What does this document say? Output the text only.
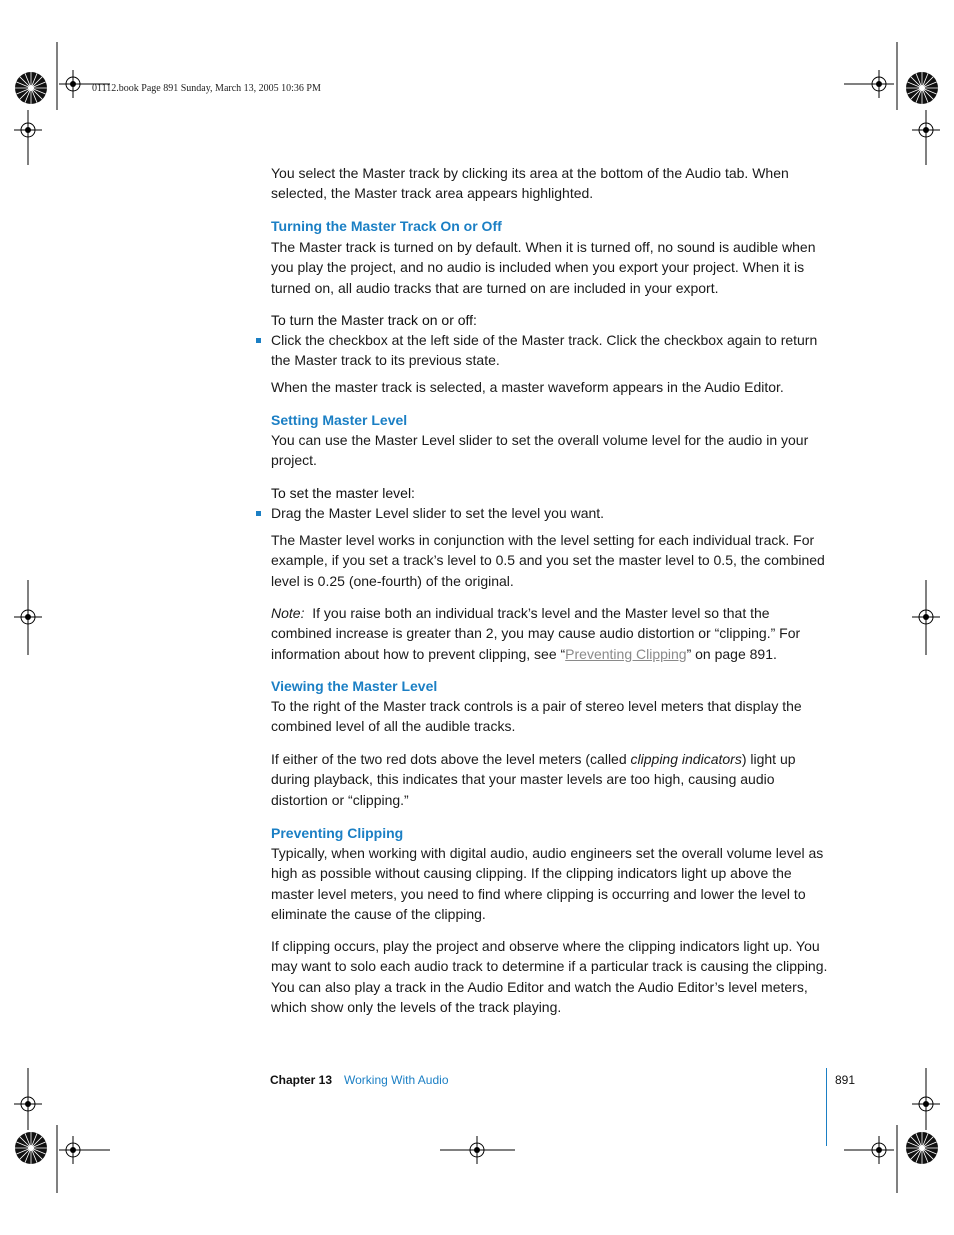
01112.book Page 891 Sunday, March 13, 2005 10:36 PM

You select the Master track by clicking its area at the bottom of the Audio tab. When selected, the Master track area appears highlighted.

Turning the Master Track On or Off

The Master track is turned on by default. When it is turned off, no sound is audible when you play the project, and no audio is included when you export your project. When it is turned on, all audio tracks that are turned on are included in your export.

To turn the Master track on or off:

Click the checkbox at the left side of the Master track. Click the checkbox again to return the Master track to its previous state.

When the master track is selected, a master waveform appears in the Audio Editor.

Setting Master Level

You can use the Master Level slider to set the overall volume level for the audio in your project.

To set the master level:

Drag the Master Level slider to set the level you want.

The Master level works in conjunction with the level setting for each individual track. For example, if you set a track’s level to 0.5 and you set the master level to 0.5, the combined level is 0.25 (one-fourth) of the original.

Note: If you raise both an individual track’s level and the Master level so that the combined increase is greater than 2, you may cause audio distortion or “clipping.” For information about how to prevent clipping, see “Preventing Clipping” on page 891.

Viewing the Master Level

To the right of the Master track controls is a pair of stereo level meters that display the combined level of all the audible tracks.

If either of the two red dots above the level meters (called clipping indicators) light up during playback, this indicates that your master levels are too high, causing audio distortion or “clipping.”

Preventing Clipping

Typically, when working with digital audio, audio engineers set the overall volume level as high as possible without causing clipping. If the clipping indicators light up above the master level meters, you need to find where clipping is occurring and lower the level to eliminate the cause of the clipping.

If clipping occurs, play the project and observe where the clipping indicators light up. You may want to solo each audio track to determine if a particular track is causing the clipping. You can also play a track in the Audio Editor and watch the Audio Editor’s level meters, which show only the levels of the track playing.

Chapter 13 Working With Audio	891
